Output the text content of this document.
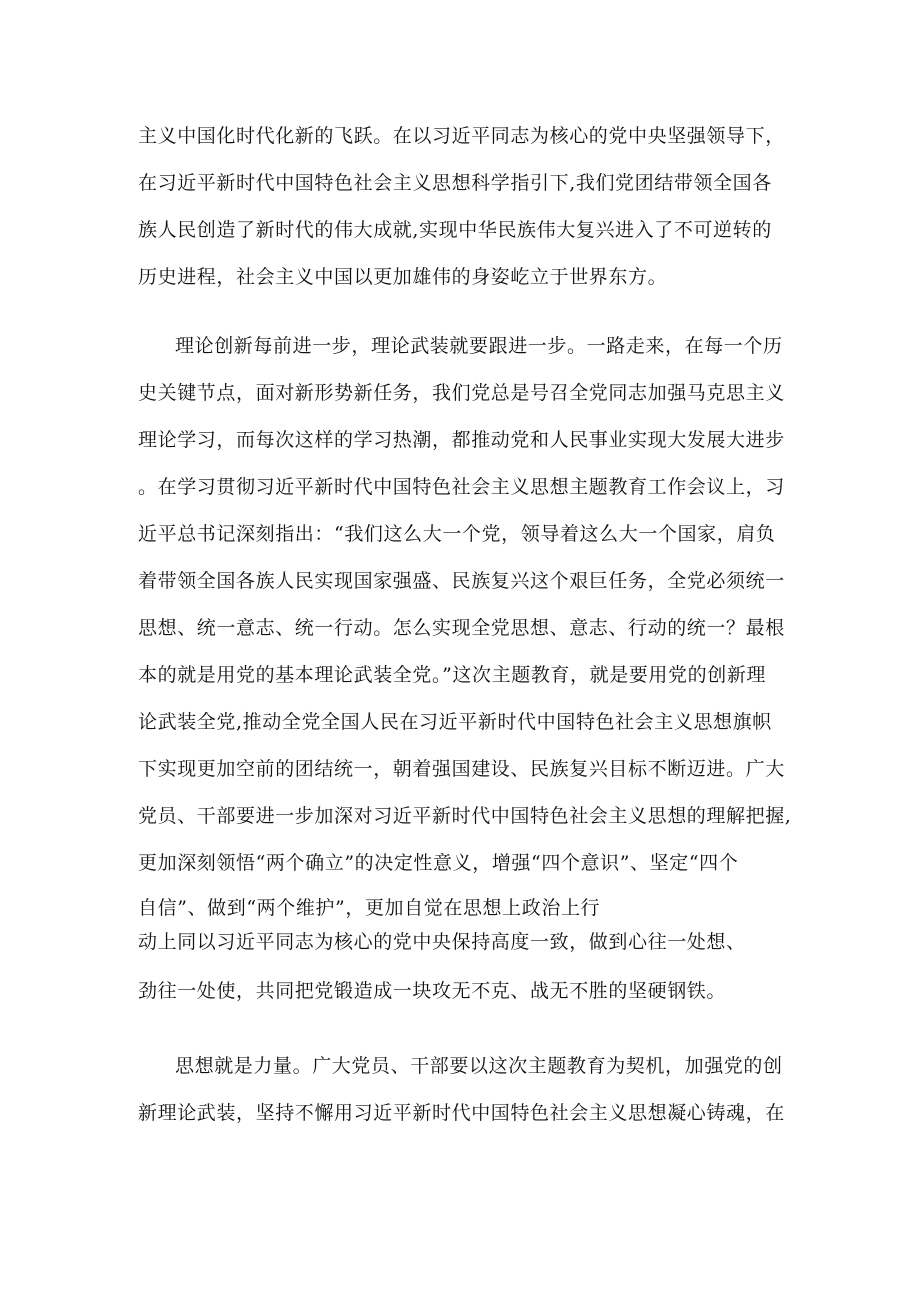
主义中国化时代化新的飞跃。在以习近平同志为核心的党中央坚强领导下，
在习近平新时代中国特色社会主义思想科学指引下,我们党团结带领全国各
族人民创造了新时代的伟大成就,实现中华民族伟大复兴进入了不可逆转的
历史进程，社会主义中国以更加雄伟的身姿屹立于世界东方。
理论创新每前进一步，理论武装就要跟进一步。一路走来，在每一个历
史关键节点，面对新形势新任务，我们党总是号召全党同志加强马克思主义
理论学习，而每次这样的学习热潮，都推动党和人民事业实现大发展大进步
。在学习贯彻习近平新时代中国特色社会主义思想主题教育工作会议上，习
近平总书记深刻指出：“我们这么大一个党，领导着这么大一个国家，肩负
着带领全国各族人民实现国家强盛、民族复兴这个艰巨任务，全党必须统一
思想、统一意志、统一行动。怎么实现全党思想、意志、行动的统一？最根
本的就是用党的基本理论武装全党。”这次主题教育，就是要用党的创新理
论武装全党,推动全党全国人民在习近平新时代中国特色社会主义思想旗帜
下实现更加空前的团结统一，朝着强国建设、民族复兴目标不断迈进。广大
党员、干部要进一步加深对习近平新时代中国特色社会主义思想的理解把握,
更加深刻领悟“两个确立”的决定性意义，增强“四个意识”、坚定“四个
自信”、做到“两个维护”，更加自觉在思想上政治上行
动上同以习近平同志为核心的党中央保持高度一致，做到心往一处想、
劲往一处使，共同把党锻造成一块攻无不克、战无不胜的坚硬钢铁。
思想就是力量。广大党员、干部要以这次主题教育为契机，加强党的创
新理论武装，坚持不懈用习近平新时代中国特色社会主义思想凝心铸魂，在
